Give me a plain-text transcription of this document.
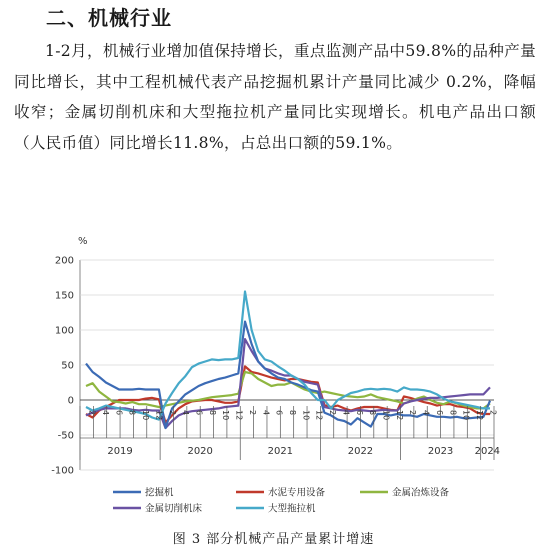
二、机械行业
1-2月，机械行业增加值保持增长，重点监测产品中59.8%的品种产量同比增长，其中工程机械代表产品挖掘机累计产量同比减少 0.2%，降幅收窄；金属切削机床和大型拖拉机产量同比实现增长。机电产品出口额（人民币值）同比增长11.8%，占总出口额的59.1%。
%
-100
-50
0
50
100
150
200
2 4 6 8 10 12 2 4 6 8 10 12 2 4 6 8 10 12 2 4 6 8 10 12 2 4 6 8 10 12 2
2019	2020	2021	2022	2023 2024
挖掘机	水泥专用设备	金属冶炼设备
金属切削机床	大型拖拉机
图 3 部分机械产品产量累计增速
